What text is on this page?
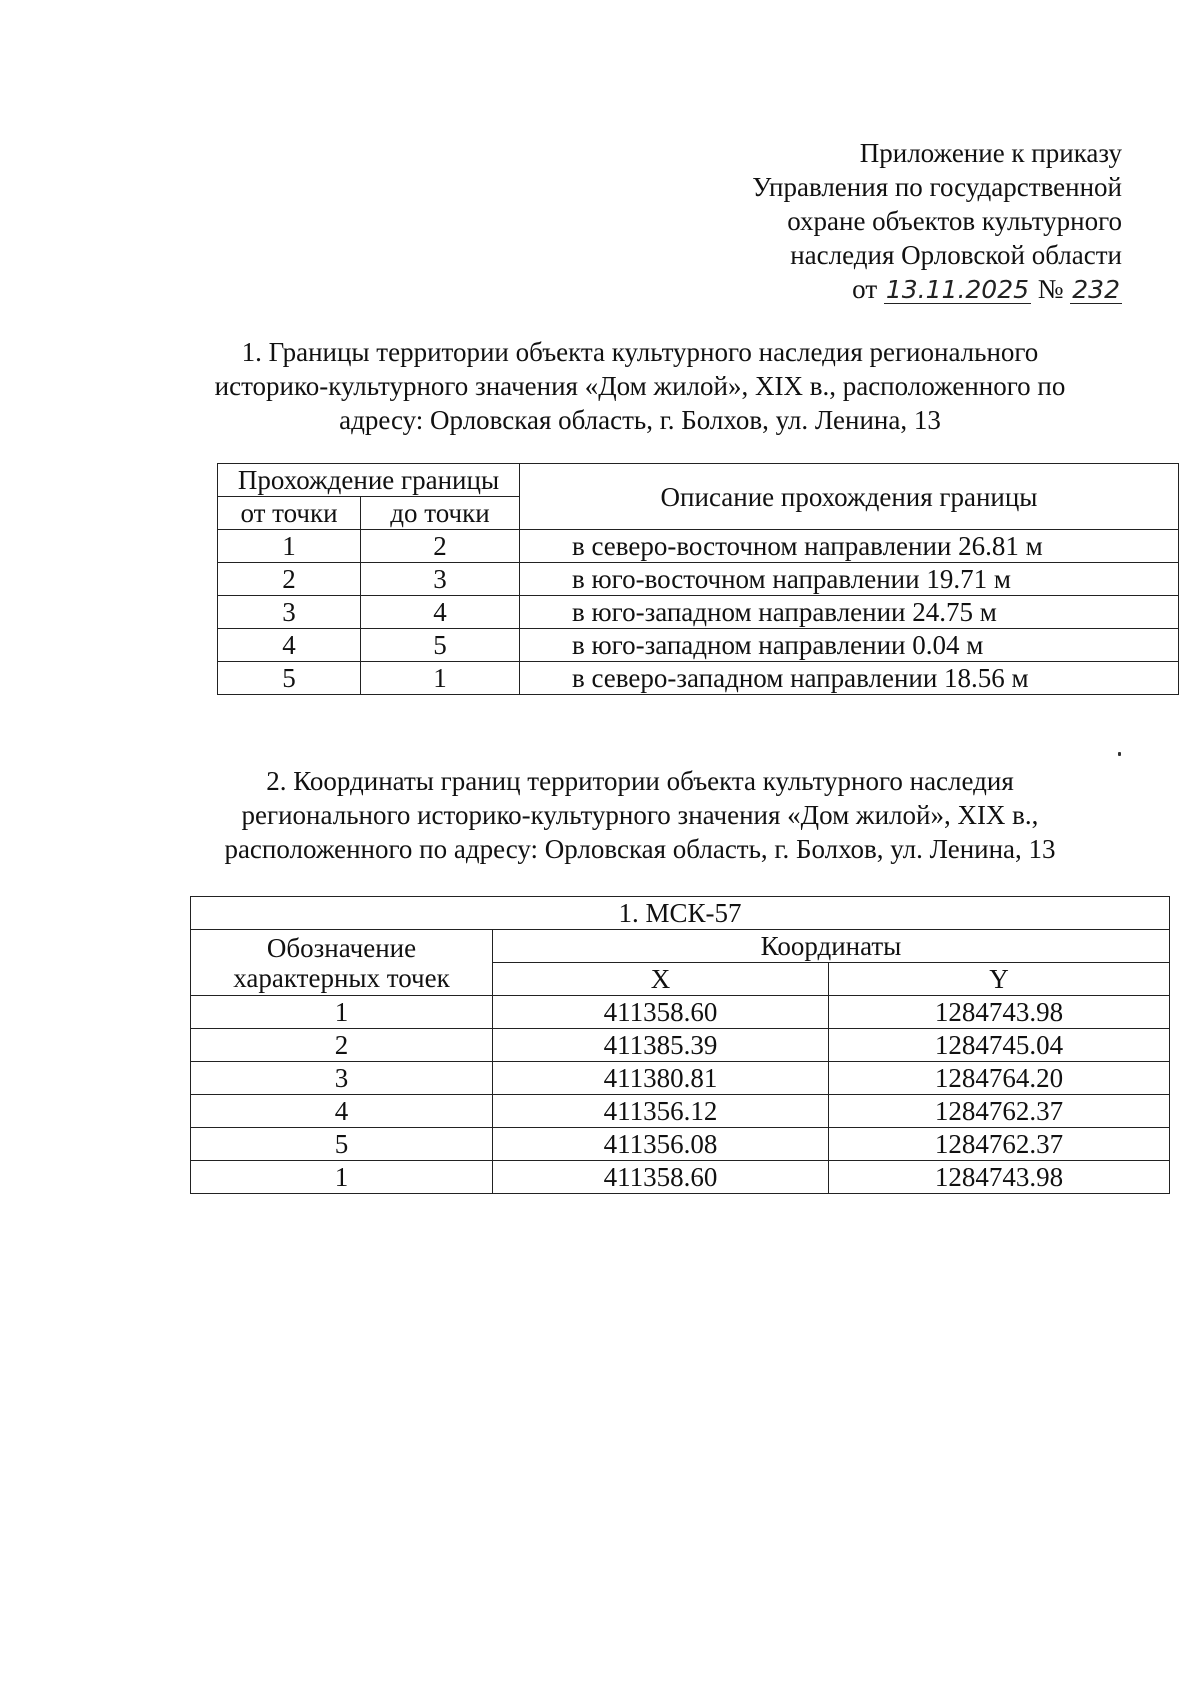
Приложение к приказу
Управления по государственной
охране объектов культурного
наследия Орловской области
от 13.11.2025 № 232
1. Границы территории объекта культурного наследия регионального
историко-культурного значения «Дом жилой», XIX в., расположенного по
адресу: Орловская область, г. Болхов, ул. Ленина, 13
Прохождение границы		Описание прохождения границы
от точки	до точки	
1	2	в северо-восточном направлении 26.81 м
2	3	в юго-восточном направлении 19.71 м
3	4	в юго-западном направлении 24.75 м
4	5	в юго-западном направлении 0.04 м
5	1	в северо-западном направлении 18.56 м
2. Координаты границ территории объекта культурного наследия
регионального историко-культурного значения «Дом жилой», XIX в.,
расположенного по адресу: Орловская область, г. Болхов, ул. Ленина, 13
1. МСК-57		
Обозначение характерных точек	Координаты	
	X	Y
1	411358.60	1284743.98
2	411385.39	1284745.04
3	411380.81	1284764.20
4	411356.12	1284762.37
5	411356.08	1284762.37
1	411358.60	1284743.98
